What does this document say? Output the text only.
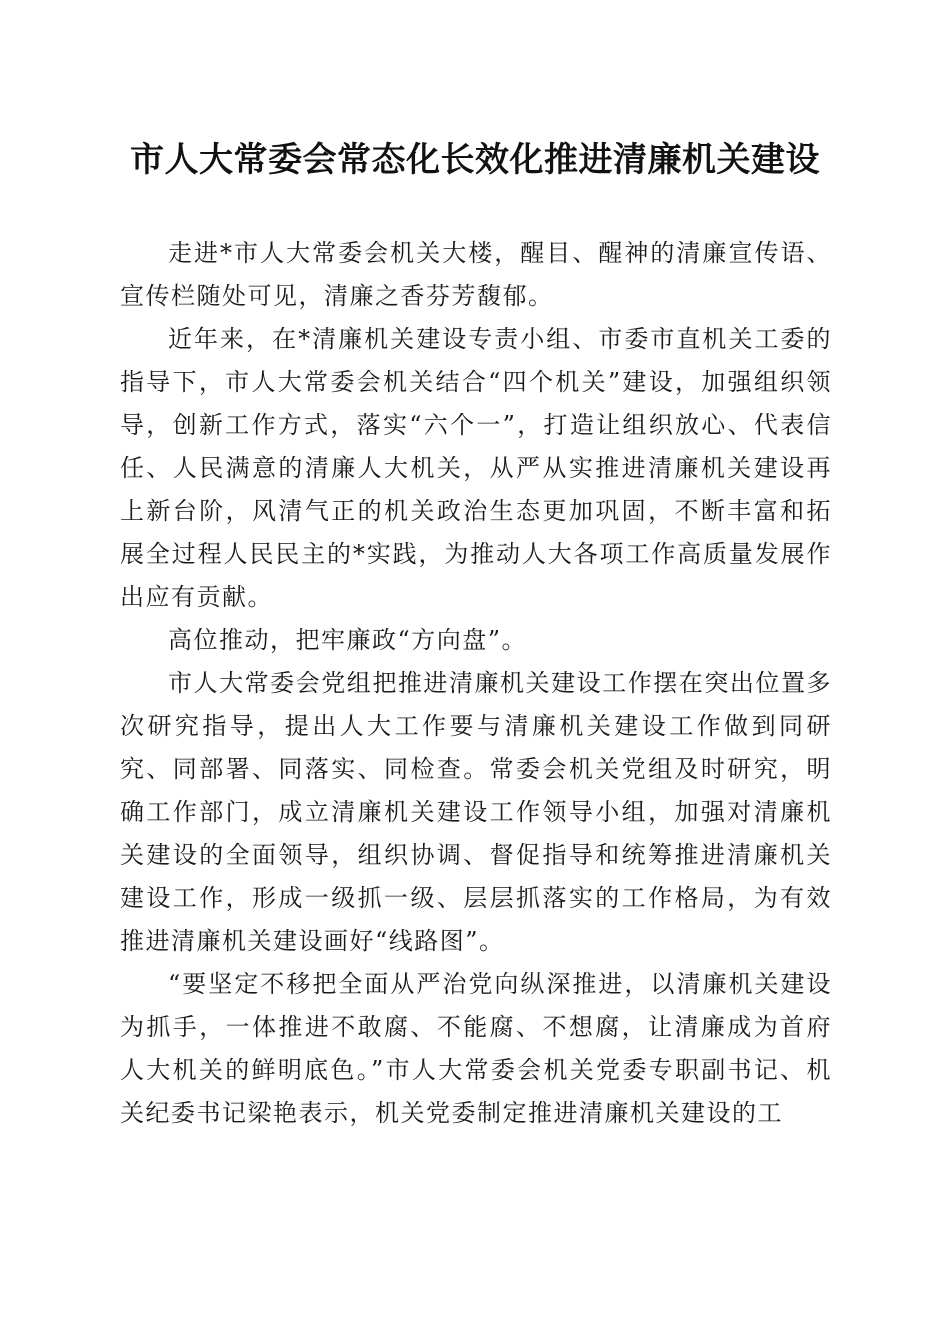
市人大常委会常态化长效化推进清廉机关建设

走进*市人大常委会机关大楼，醒目、醒神的清廉宣传语、宣传栏随处可见，清廉之香芬芳馥郁。

近年来，在*清廉机关建设专责小组、市委市直机关工委的指导下，市人大常委会机关结合“四个机关”建设，加强组织领导，创新工作方式，落实“六个一”，打造让组织放心、代表信任、人民满意的清廉人大机关，从严从实推进清廉机关建设再上新台阶，风清气正的机关政治生态更加巩固，不断丰富和拓展全过程人民民主的*实践，为推动人大各项工作高质量发展作出应有贡献。

高位推动，把牢廉政“方向盘”。

市人大常委会党组把推进清廉机关建设工作摆在突出位置多次研究指导，提出人大工作要与清廉机关建设工作做到同研究、同部署、同落实、同检查。常委会机关党组及时研究，明确工作部门，成立清廉机关建设工作领导小组，加强对清廉机关建设的全面领导，组织协调、督促指导和统筹推进清廉机关建设工作，形成一级抓一级、层层抓落实的工作格局，为有效推进清廉机关建设画好“线路图”。

“要坚定不移把全面从严治党向纵深推进，以清廉机关建设为抓手，一体推进不敢腐、不能腐、不想腐，让清廉成为首府人大机关的鲜明底色。”市人大常委会机关党委专职副书记、机关纪委书记梁艳表示，机关党委制定推进清廉机关建设的工
